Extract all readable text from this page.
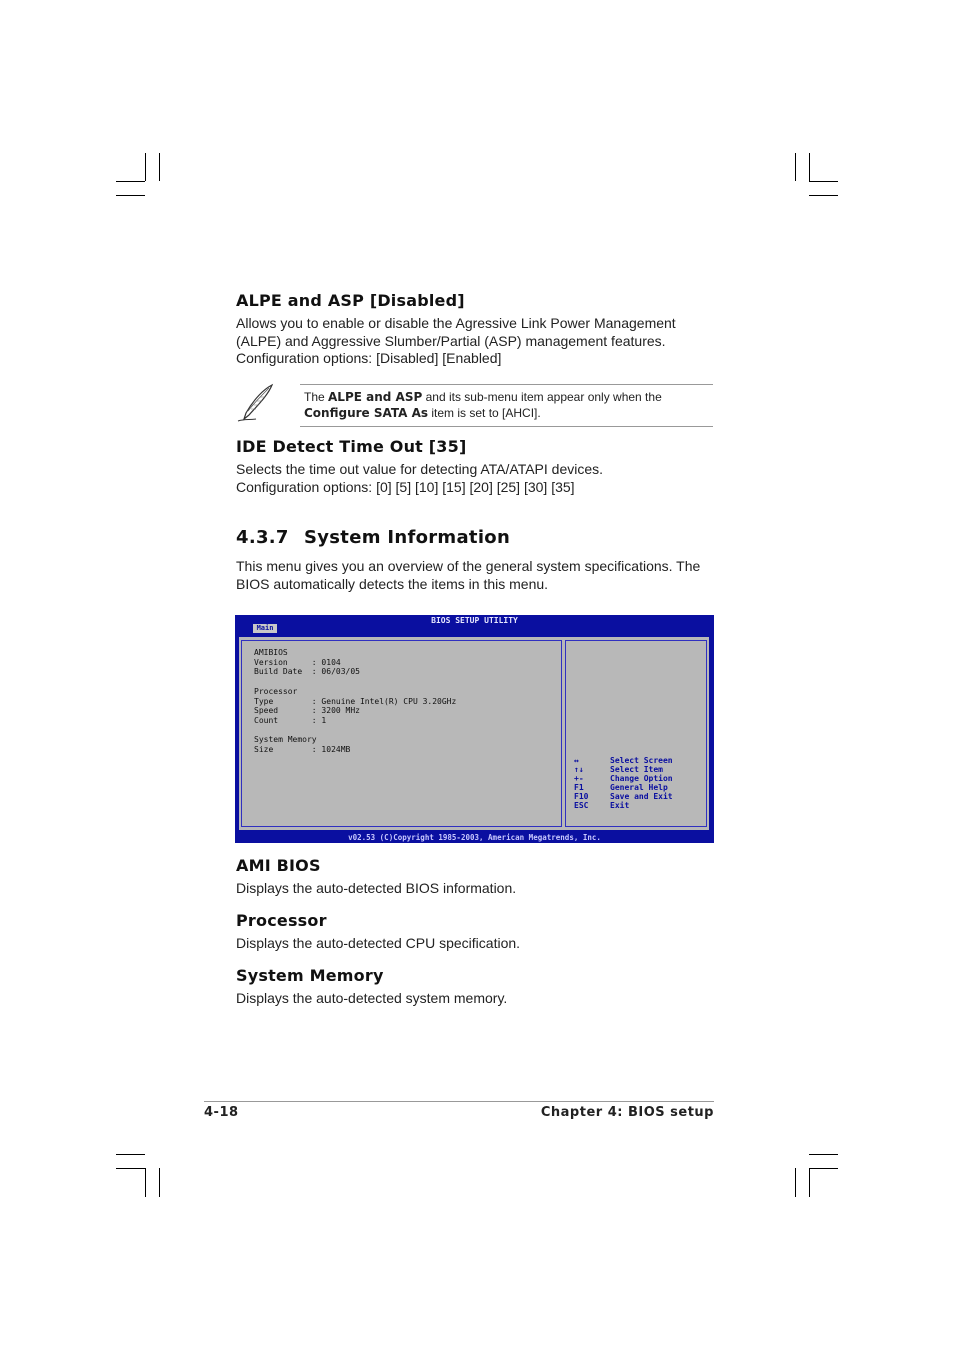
ALPE and ASP [Disabled]

Allows you to enable or disable the Agressive Link Power Management
(ALPE) and Aggressive Slumber/Partial (ASP) management features.
Configuration options: [Disabled] [Enabled]

The ALPE and ASP and its sub-menu item appear only when the
Configure SATA As item is set to [AHCI].
IDE Detect Time Out [35]

Selects the time out value for detecting ATA/ATAPI devices.
Configuration options: [0] [5] [10] [15] [20] [25] [30] [35]

4.3.7 System Information

This menu gives you an overview of the general system specifications. The
BIOS automatically detects the items in this menu.

BIOS SETUP UTILITY
Main
AMIBIOS
Version     : 0104
Build Date  : 06/03/05

Processor
Type        : Genuine Intel(R) CPU 3.20GHz
Speed       : 3200 MHz
Count       : 1

System Memory
Size        : 1024MB
↔	Select Screen
↑↓	Select Item
+-	Change Option
F1	General Help
F10	Save and Exit
ESC	Exit
v02.53 (C)Copyright 1985-2003, American Megatrends, Inc.
AMI BIOS

Displays the auto-detected BIOS information.

Processor

Displays the auto-detected CPU specification.

System Memory

Displays the auto-detected system memory.

4-18	Chapter 4: BIOS setup
